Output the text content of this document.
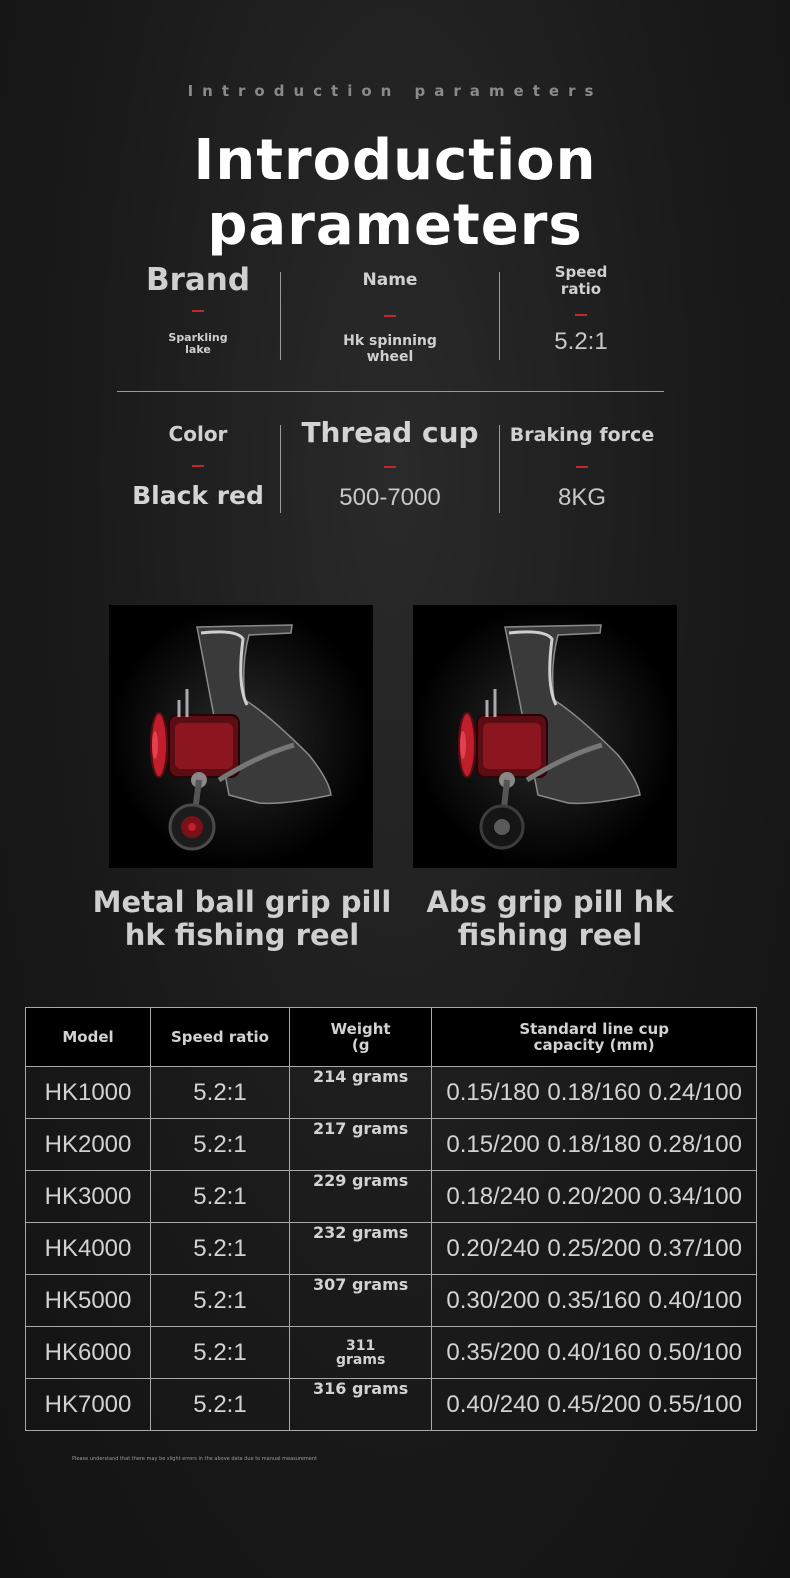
Introduction parameters
Introduction parameters
Brand
Sparkling lake
Name
Hk spinning wheel
Speed ratio
5.2:1
Color
Black red
Thread cup
500-7000
Braking force
8KG
Metal ball grip pill hk fishing reel
Abs grip pill hk fishing reel
Model	Speed ratio	Weight (g	Standard line cup capacity (mm)

HK1000	5.2:1	214 grams	0.15/180 0.18/160 0.24/100
HK2000	5.2:1	217 grams	0.15/200 0.18/180 0.28/100
HK3000	5.2:1	229 grams	0.18/240 0.20/200 0.34/100
HK4000	5.2:1	232 grams	0.20/240 0.25/200 0.37/100
HK5000	5.2:1	307 grams	0.30/200 0.35/160 0.40/100
HK6000	5.2:1	311 grams	0.35/200 0.40/160 0.50/100
HK7000	5.2:1	316 grams	0.40/240 0.45/200 0.55/100
Please understand that there may be slight errors in the above data due to manual measurement
